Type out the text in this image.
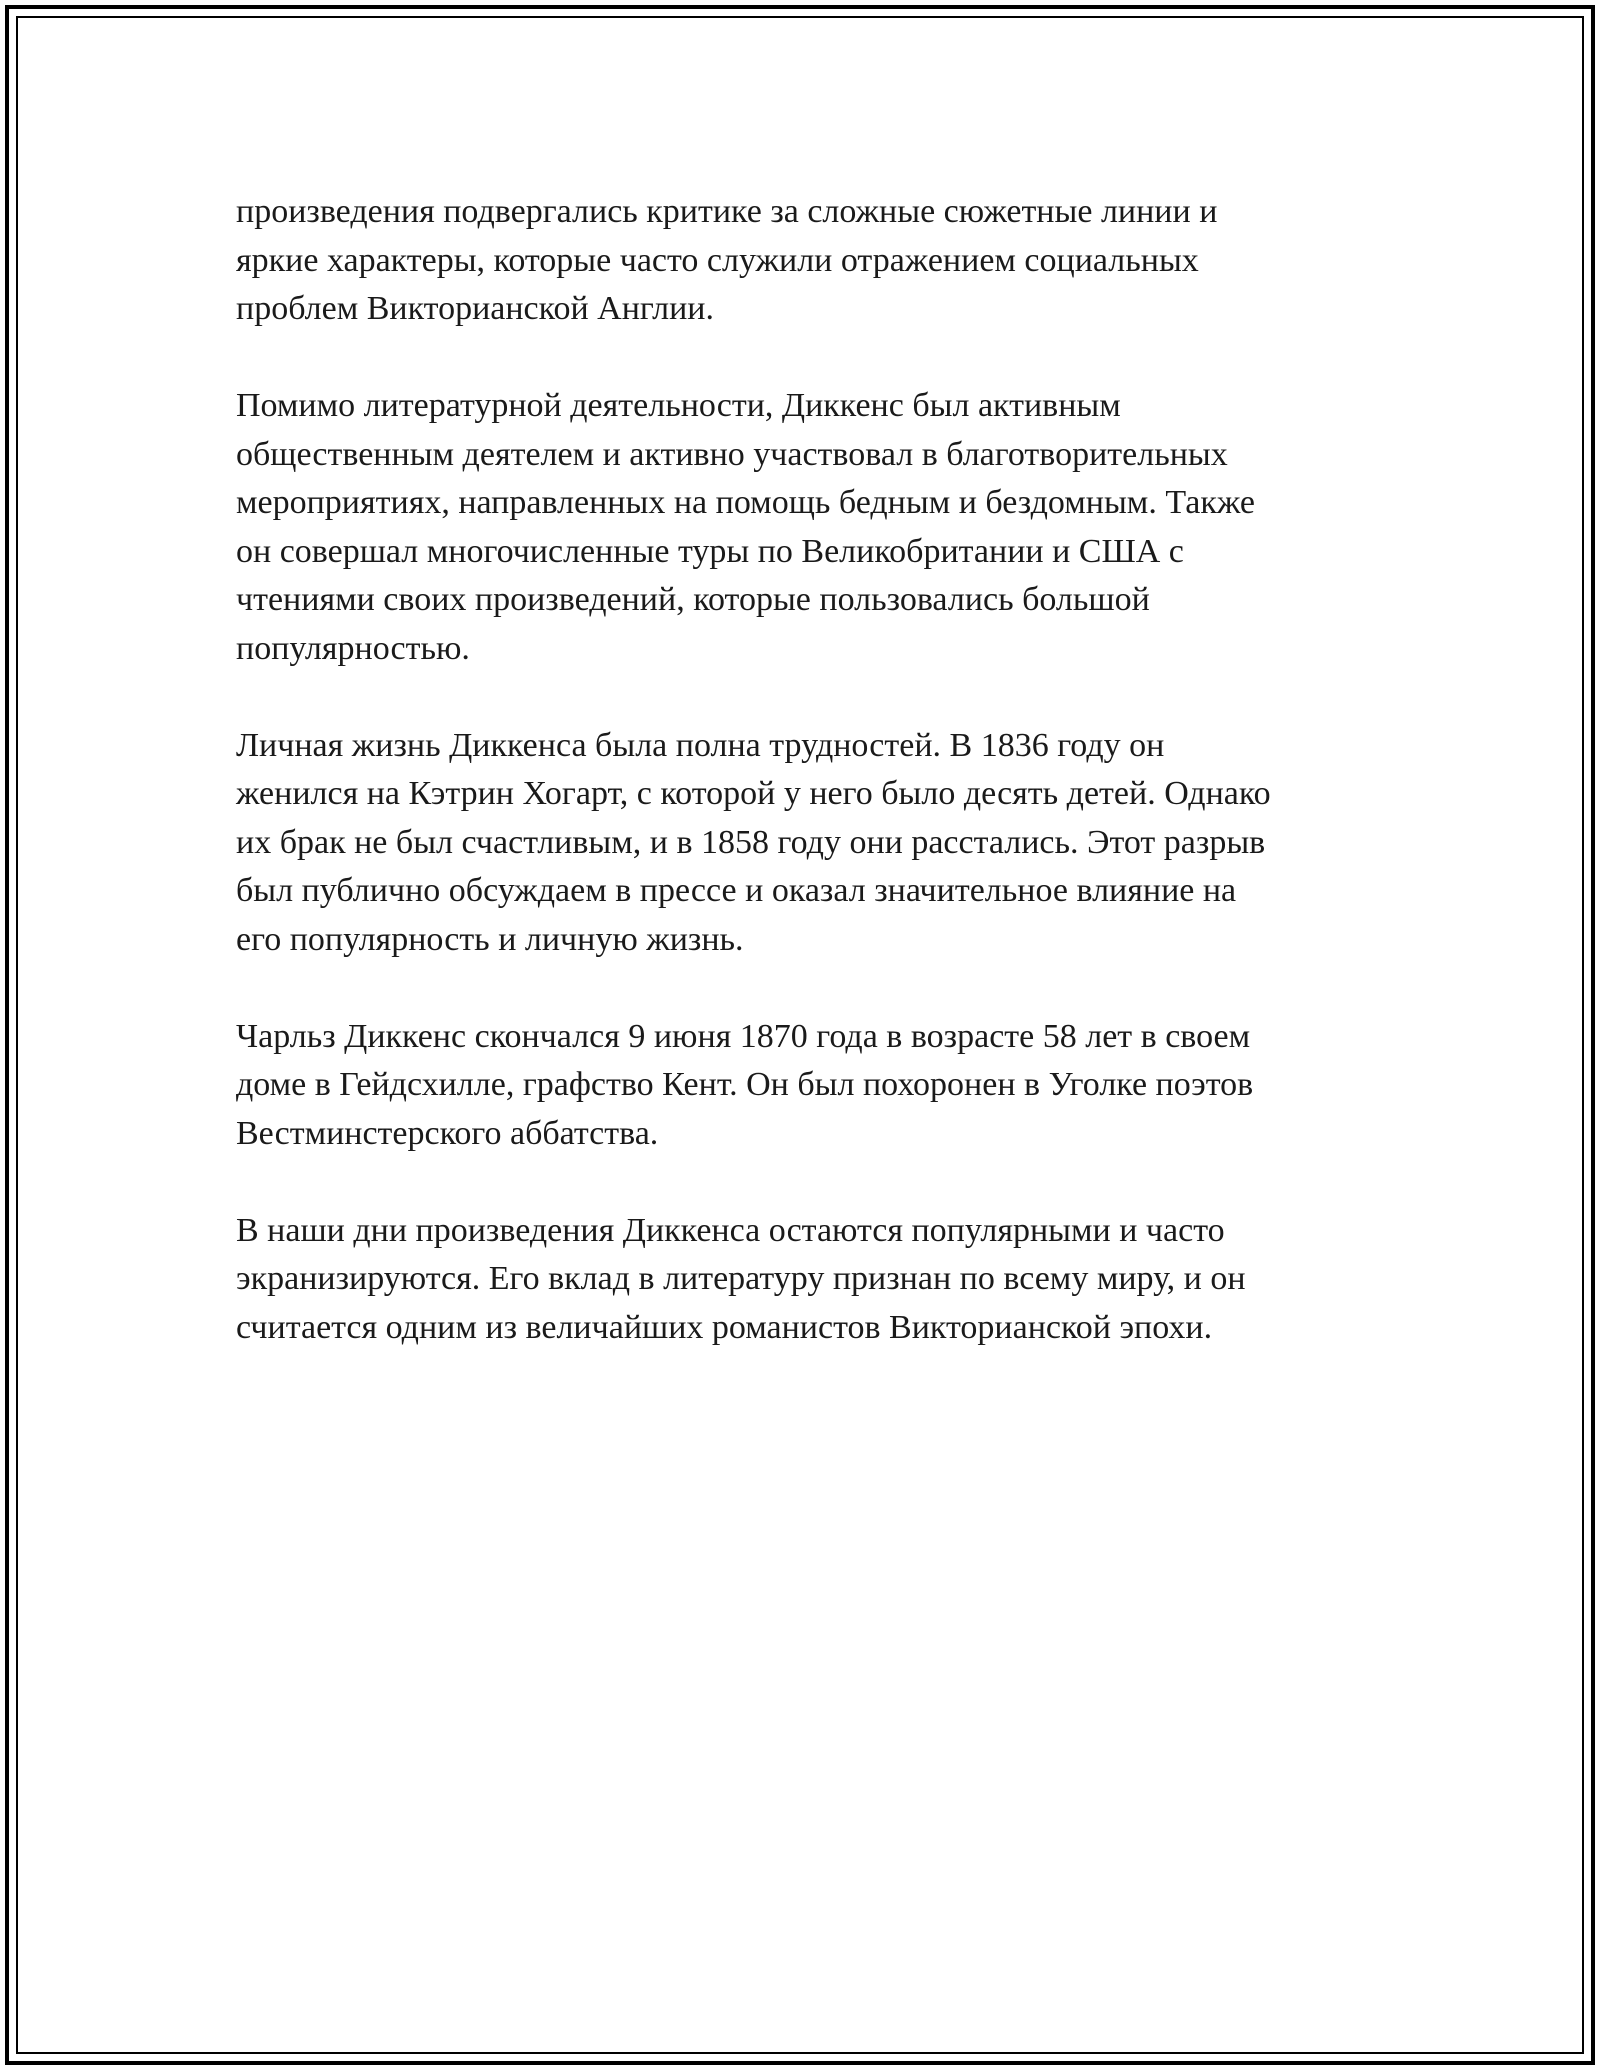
произведения подвергались критике за сложные сюжетные линии и
яркие характеры, которые часто служили отражением социальных
проблем Викторианской Англии.

Помимо литературной деятельности, Диккенс был активным
общественным деятелем и активно участвовал в благотворительных
мероприятиях, направленных на помощь бедным и бездомным. Также
он совершал многочисленные туры по Великобритании и США с
чтениями своих произведений, которые пользовались большой
популярностью.

Личная жизнь Диккенса была полна трудностей. В 1836 году он
женился на Кэтрин Хогарт, с которой у него было десять детей. Однако
их брак не был счастливым, и в 1858 году они расстались. Этот разрыв
был публично обсуждаем в прессе и оказал значительное влияние на
его популярность и личную жизнь.

Чарльз Диккенс скончался 9 июня 1870 года в возрасте 58 лет в своем
доме в Гейдсхилле, графство Кент. Он был похоронен в Уголке поэтов
Вестминстерского аббатства.

В наши дни произведения Диккенса остаются популярными и часто
экранизируются. Его вклад в литературу признан по всему миру, и он
считается одним из величайших романистов Викторианской эпохи.
